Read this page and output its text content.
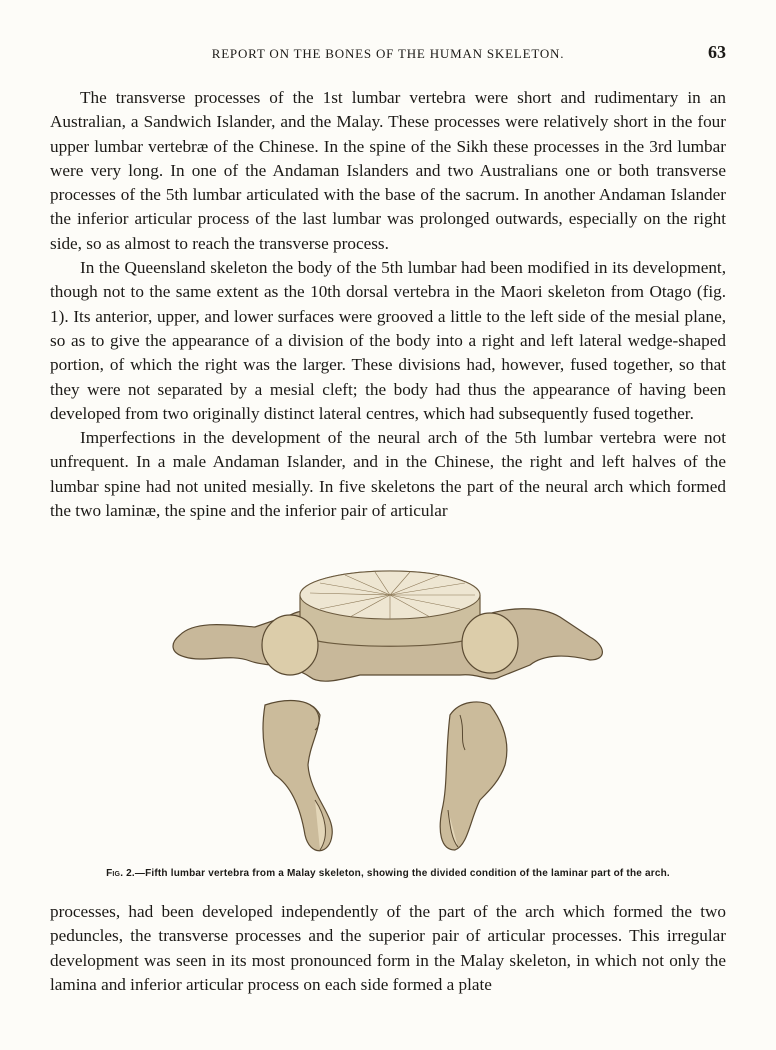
REPORT ON THE BONES OF THE HUMAN SKELETON.	63

The transverse processes of the 1st lumbar vertebra were short and rudimentary in an Australian, a Sandwich Islander, and the Malay. These processes were relatively short in the four upper lumbar vertebræ of the Chinese. In the spine of the Sikh these processes in the 3rd lumbar were very long. In one of the Andaman Islanders and two Australians one or both transverse processes of the 5th lumbar articulated with the base of the sacrum. In another Andaman Islander the inferior articular process of the last lumbar was prolonged outwards, especially on the right side, so as almost to reach the transverse process.

In the Queensland skeleton the body of the 5th lumbar had been modified in its development, though not to the same extent as the 10th dorsal vertebra in the Maori skeleton from Otago (fig. 1). Its anterior, upper, and lower surfaces were grooved a little to the left side of the mesial plane, so as to give the appearance of a division of the body into a right and left lateral wedge-shaped portion, of which the right was the larger. These divisions had, however, fused together, so that they were not separated by a mesial cleft; the body had thus the appearance of having been developed from two originally distinct lateral centres, which had subsequently fused together.

Imperfections in the development of the neural arch of the 5th lumbar vertebra were not unfrequent. In a male Andaman Islander, and in the Chinese, the right and left halves of the lumbar spine had not united mesially. In five skeletons the part of the neural arch which formed the two laminæ, the spine and the inferior pair of articular

Fig. 2.—Fifth lumbar vertebra from a Malay skeleton, showing the divided condition of the laminar part of the arch.

processes, had been developed independently of the part of the arch which formed the two peduncles, the transverse processes and the superior pair of articular processes. This irregular development was seen in its most pronounced form in the Malay skeleton, in which not only the lamina and inferior articular process on each side formed a plate
